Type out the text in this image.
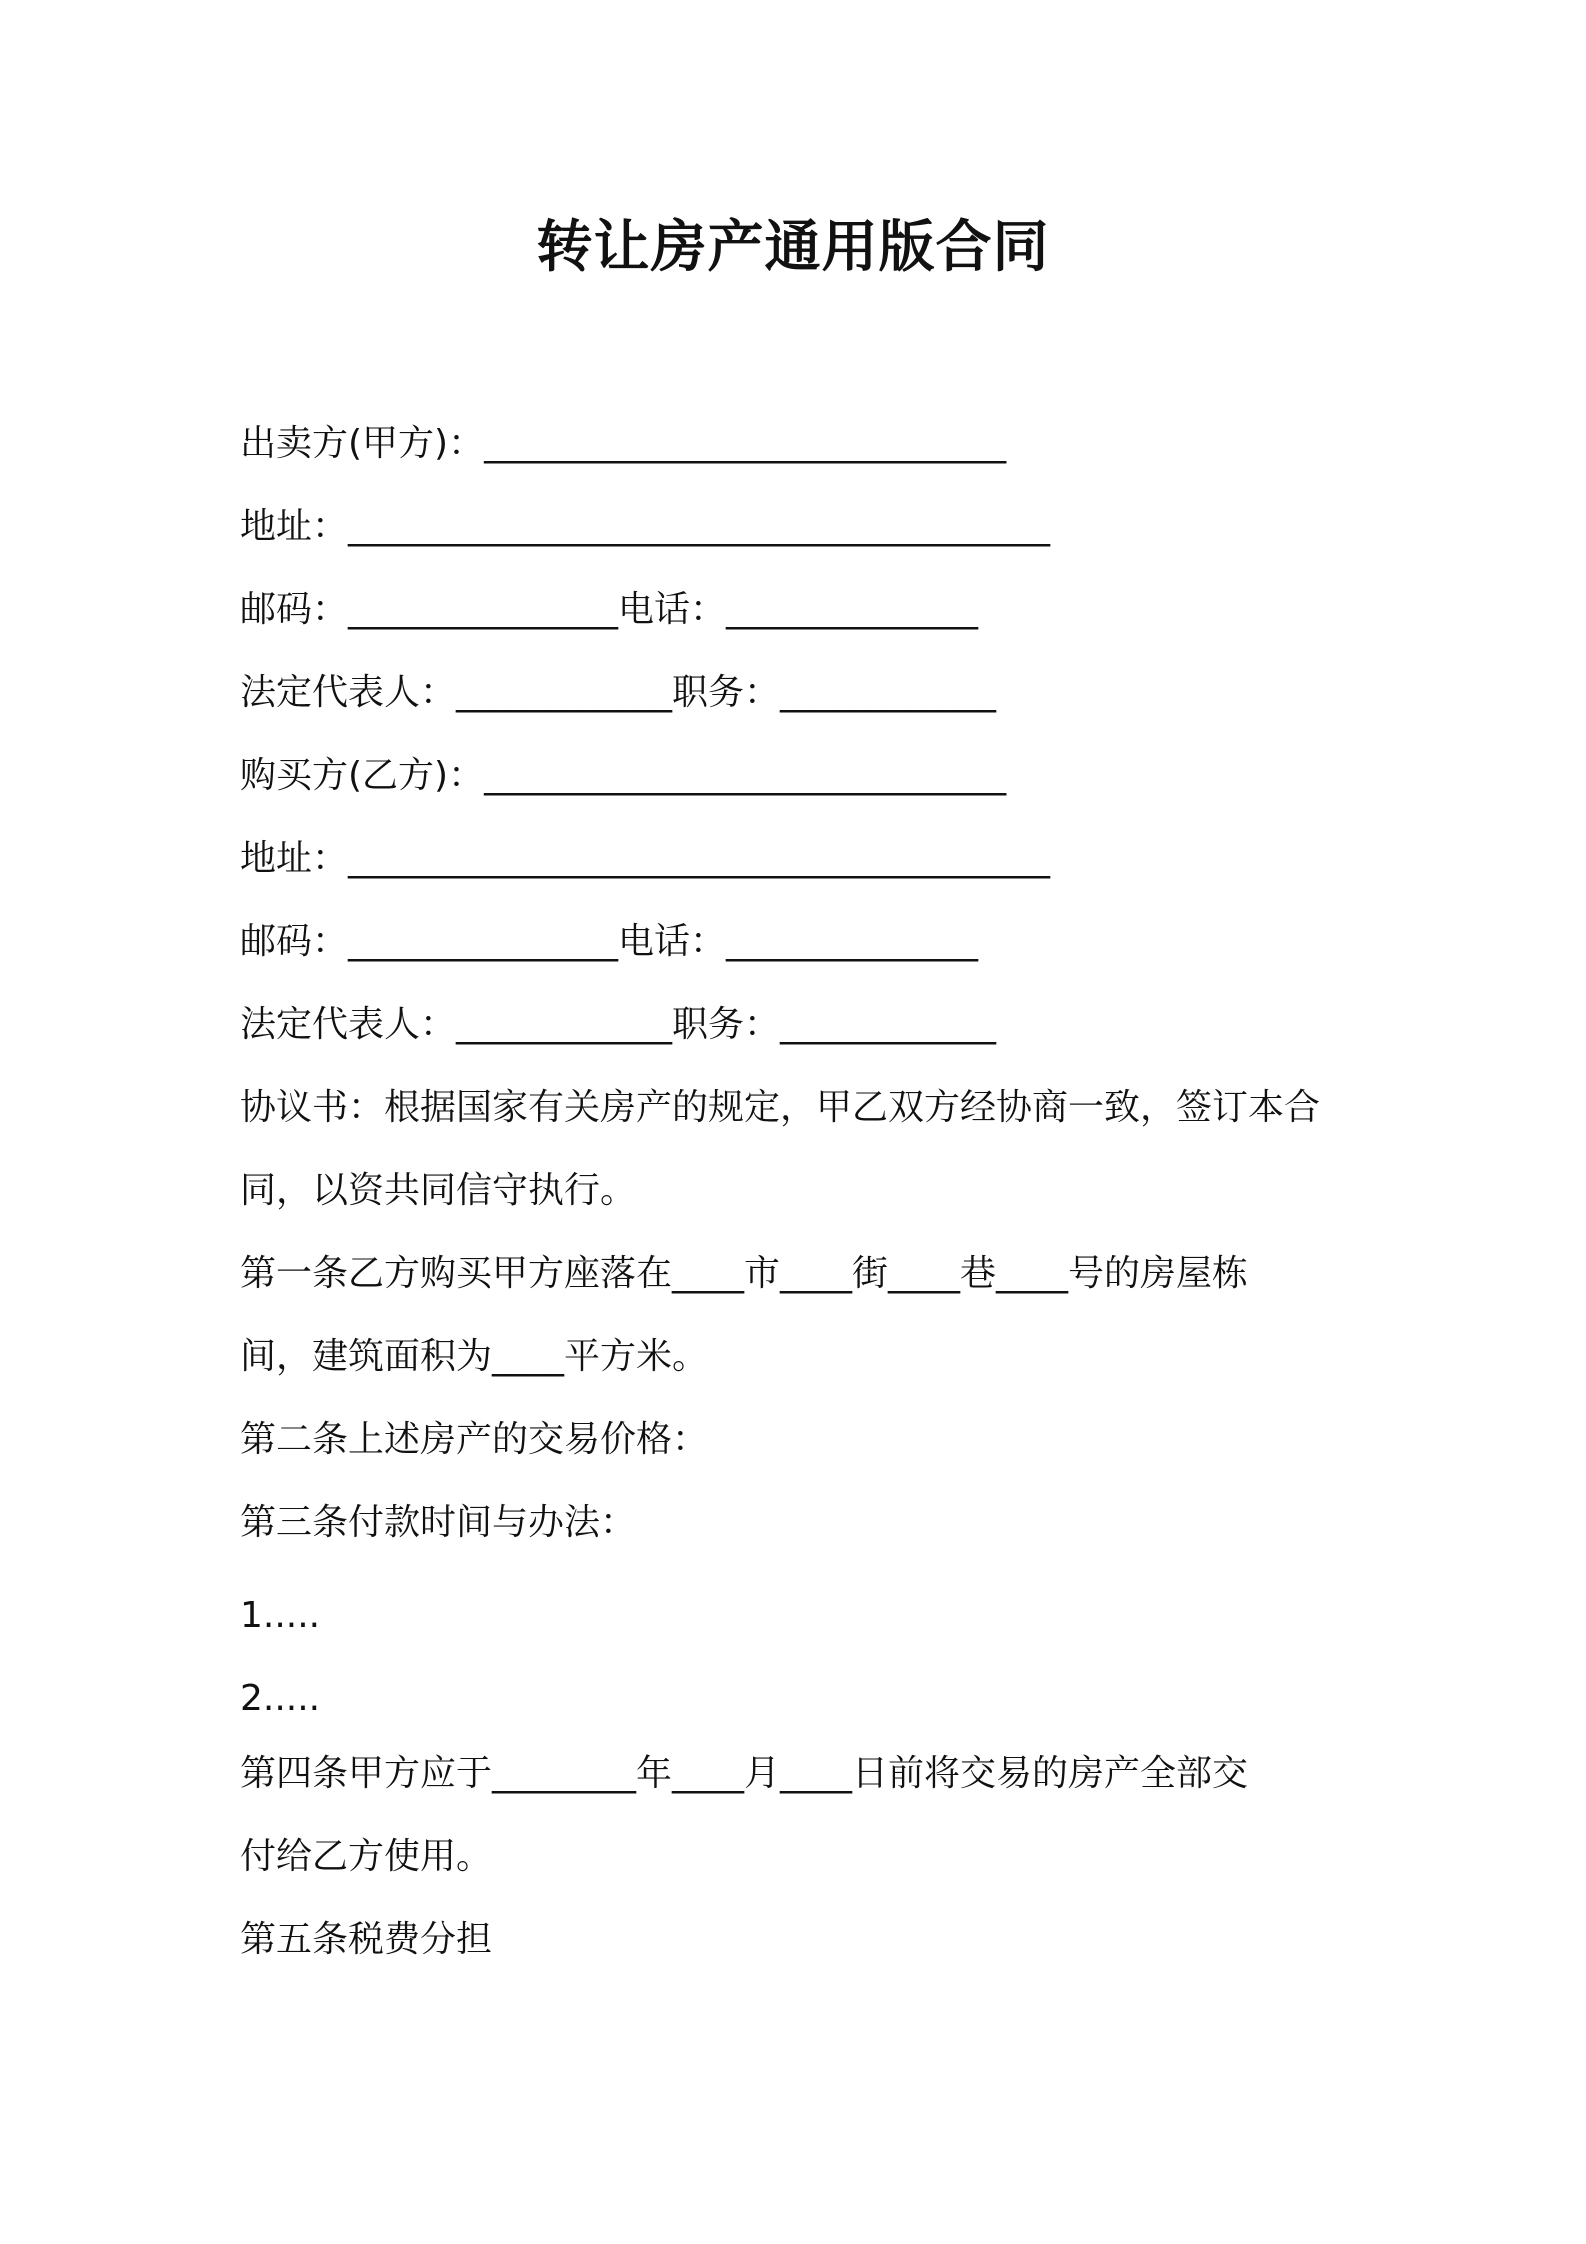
转让房产通用版合同
出卖方(甲方)：_____________________________
地址：_______________________________________
邮码：_______________电话：______________
法定代表人：____________职务：____________
购买方(乙方)：_____________________________
地址：_______________________________________
邮码：_______________电话：______________
法定代表人：____________职务：____________
协议书：根据国家有关房产的规定，甲乙双方经协商一致，签订本合
同，以资共同信守执行。
第一条乙方购买甲方座落在____市____街____巷____号的房屋栋
间，建筑面积为____平方米。
第二条上述房产的交易价格：
第三条付款时间与办法：
1.....
2.....
第四条甲方应于________年____月____日前将交易的房产全部交
付给乙方使用。
第五条税费分担
